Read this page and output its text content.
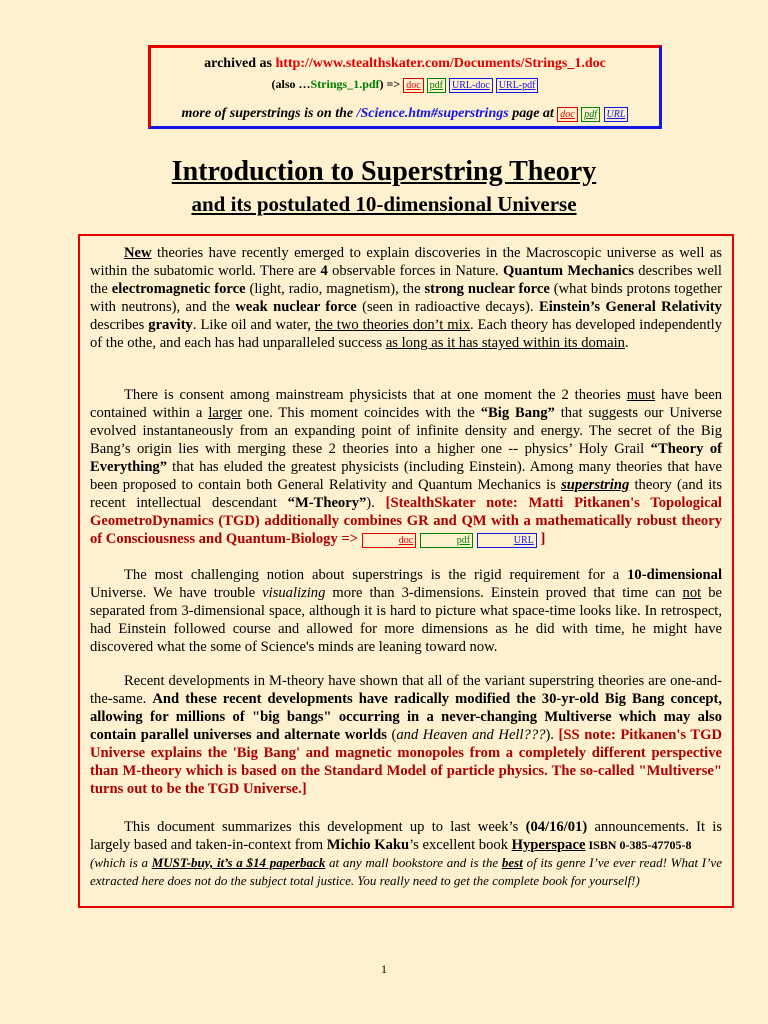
archived as http://www.stealthskater.com/Documents/Strings_1.doc
(also …Strings_1.pdf) => doc pdf URL-doc URL-pdf
more of superstrings is on the /Science.htm#superstrings page at doc pdf URL
Introduction to Superstring Theory
and its postulated 10-dimensional Universe
New theories have recently emerged to explain discoveries in the Macroscopic universe as well as within the subatomic world. There are 4 observable forces in Nature. Quantum Mechanics describes well the electromagnetic force (light, radio, magnetism), the strong nuclear force (what binds protons together with neutrons), and the weak nuclear force (seen in radioactive decays). Einstein’s General Relativity describes gravity. Like oil and water, the two theories don’t mix. Each theory has developed independently of the othe, and each has had unparalleled success as long as it has stayed within its domain.
There is consent among mainstream physicists that at one moment the 2 theories must have been contained within a larger one. This moment coincides with the “Big Bang” that suggests our Universe evolved instantaneously from an expanding point of infinite density and energy. The secret of the Big Bang’s origin lies with merging these 2 theories into a higher one -- physics’ Holy Grail “Theory of Everything” that has eluded the greatest physicists (including Einstein). Among many theories that have been proposed to contain both General Relativity and Quantum Mechanics is superstring theory (and its recent intellectual descendant “M-Theory”). [StealthSkater note: Matti Pitkanen's Topological GeometroDynamics (TGD) additionally combines GR and QM with a mathematically robust theory of Consciousness and Quantum-Biology =>	doc	pdf	URL ]
The most challenging notion about superstrings is the rigid requirement for a 10-dimensional Universe. We have trouble visualizing more than 3-dimensions. Einstein proved that time can not be separated from 3-dimensional space, although it is hard to picture what space-time looks like. In retrospect, had Einstein followed course and allowed for more dimensions as he did with time, he might have discovered what the some of Science's minds are leaning toward now.
Recent developments in M-theory have shown that all of the variant superstring theories are one-and-the-same. And these recent developments have radically modified the 30-yr-old Big Bang concept, allowing for millions of "big bangs" occurring in a never-changing Multiverse which may also contain parallel universes and alternate worlds (and Heaven and Hell???). [SS note: Pitkanen's TGD Universe explains the 'Big Bang' and magnetic monopoles from a completely different perspective than M-theory which is based on the Standard Model of particle physics. The so-called "Multiverse" turns out to be the TGD Universe.]
This document summarizes this development up to last week’s (04/16/01) announcements. It is largely based and taken-in-context from Michio Kaku’s excellent book Hyperspace ISBN 0-385-47705-8
(which is a MUST-buy, it’s a $14 paperback at any mall bookstore and is the best of its genre I’ve ever read! What I’ve extracted here does not do the subject total justice. You really need to get the complete book for yourself!)
1
